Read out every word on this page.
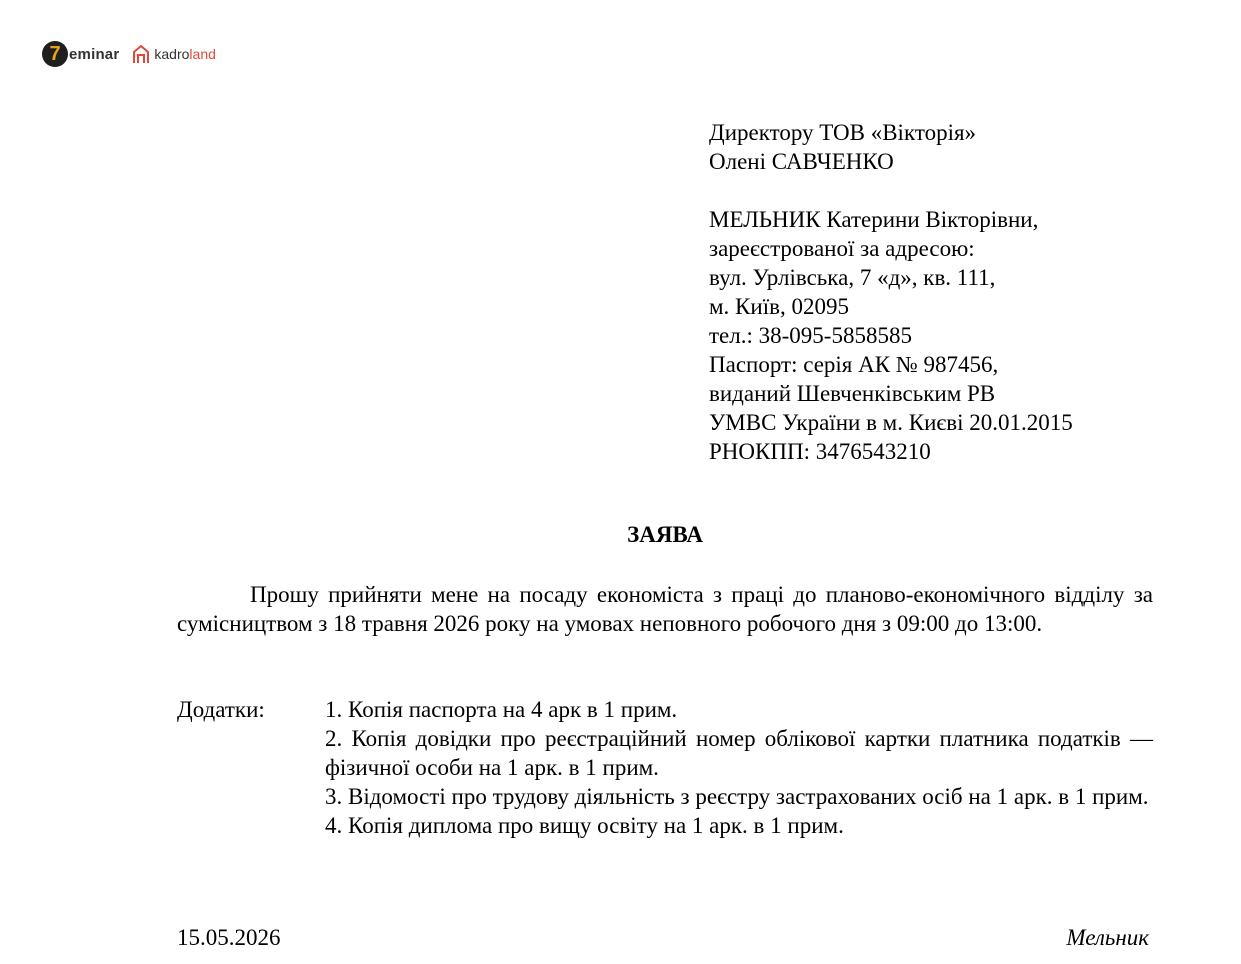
7 eminar	kadro land
Директору ТОВ «Вікторія»
Олені САВЧЕНКО
МЕЛЬНИК Катерини Вікторівни,
зареєстрованої за адресою:
вул. Урлівська, 7 «д», кв. 111,
м. Київ, 02095
тел.: 38-095-5858585
Паспорт: серія АК № 987456,
виданий Шевченківським РВ
УМВС України в м. Києві 20.01.2015
РНОКПП: 3476543210
ЗАЯВА

Прошу прийняти мене на посаду економіста з праці до планово-економічного відділу за сумісництвом з 18 травня 2026 року на умовах неповного робочого дня з 09:00 до 13:00.

Додатки:	1. Копія паспорта на 4 арк в 1 прим.
2. Копія довідки про реєстраційний номер облікової картки платника податків — фізичної особи на 1 арк. в 1 прим.
3. Відомості про трудову діяльність з реєстру застрахованих осіб на 1 арк. в 1 прим.
4. Копія диплома про вищу освіту на 1 арк. в 1 прим.
15.05.2026	Мельник
